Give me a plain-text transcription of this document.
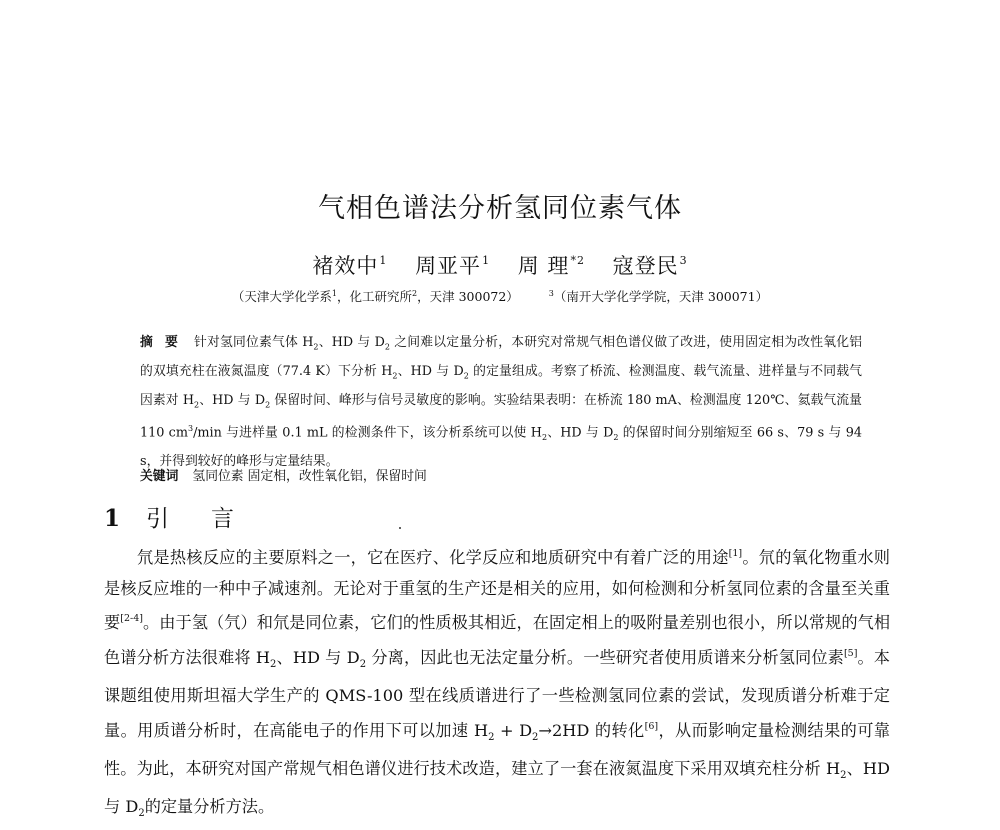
气相色谱法分析氢同位素气体
褚效中$^1$ 周亚平$^1$ 周 理$^{*2}$ 寇登民$^3$
（天津大学化学系$^1$，化工研究所$^2$，天津 300072）	$^3$（南开大学化学学院，天津 300071）
摘要 针对氢同位素气体 $H_2$、HD 与 $D_2$ 之间难以定量分析，本研究对常规气相色谱仪做了改进，使用固定相为改性氧化铝的双填充柱在液氮温度（77.4 K）下分析 $H_2$、HD 与 $D_2$ 的定量组成。考察了桥流、检测温度、载气流量、进样量与不同载气因素对 $H_2$、HD 与 $D_2$ 保留时间、峰形与信号灵敏度的影响。实验结果表明：在桥流 180 mA、检测温度 120℃、氦载气流量 110 $cm^3/\min$ 与进样量 0.1 mL 的检测条件下，该分析系统可以使 $H_2$、HD 与 $D_2$ 的保留时间分别缩短至 66 s、79 s 与 94 s，并得到较好的峰形与定量结果。
关键词 氢同位素 固定相，改性氧化铝，保留时间
1 引言
氘是热核反应的主要原料之一，它在医疗、化学反应和地质研究中有着广泛的用途[1]。氘的氧化物重水则是核反应堆的一种中子减速剂。无论对于重氢的生产还是相关的应用，如何检测和分析氢同位素的含量至关重要[2-4]。由于氢（氕）和氘是同位素，它们的性质极其相近，在固定相上的吸附量差别也很小，所以常规的气相色谱分析方法很难将 $H_2$、HD 与 $D_2$ 分离，因此也无法定量分析。一些研究者使用质谱来分析氢同位素[5]。本课题组使用斯坦福大学生产的 QMS-100 型在线质谱进行了一些检测氢同位素的尝试，发现质谱分析难于定量。用质谱分析时，在高能电子的作用下可以加速 $H_2 + D_2\to 2HD$ 的转化[6]，从而影响定量检测结果的可靠性。为此，本研究对国产常规气相色谱仪进行技术改造，建立了一套在液氮温度下采用双填充柱分析 $H_2$、HD 与 $D_2$的定量分析方法。
